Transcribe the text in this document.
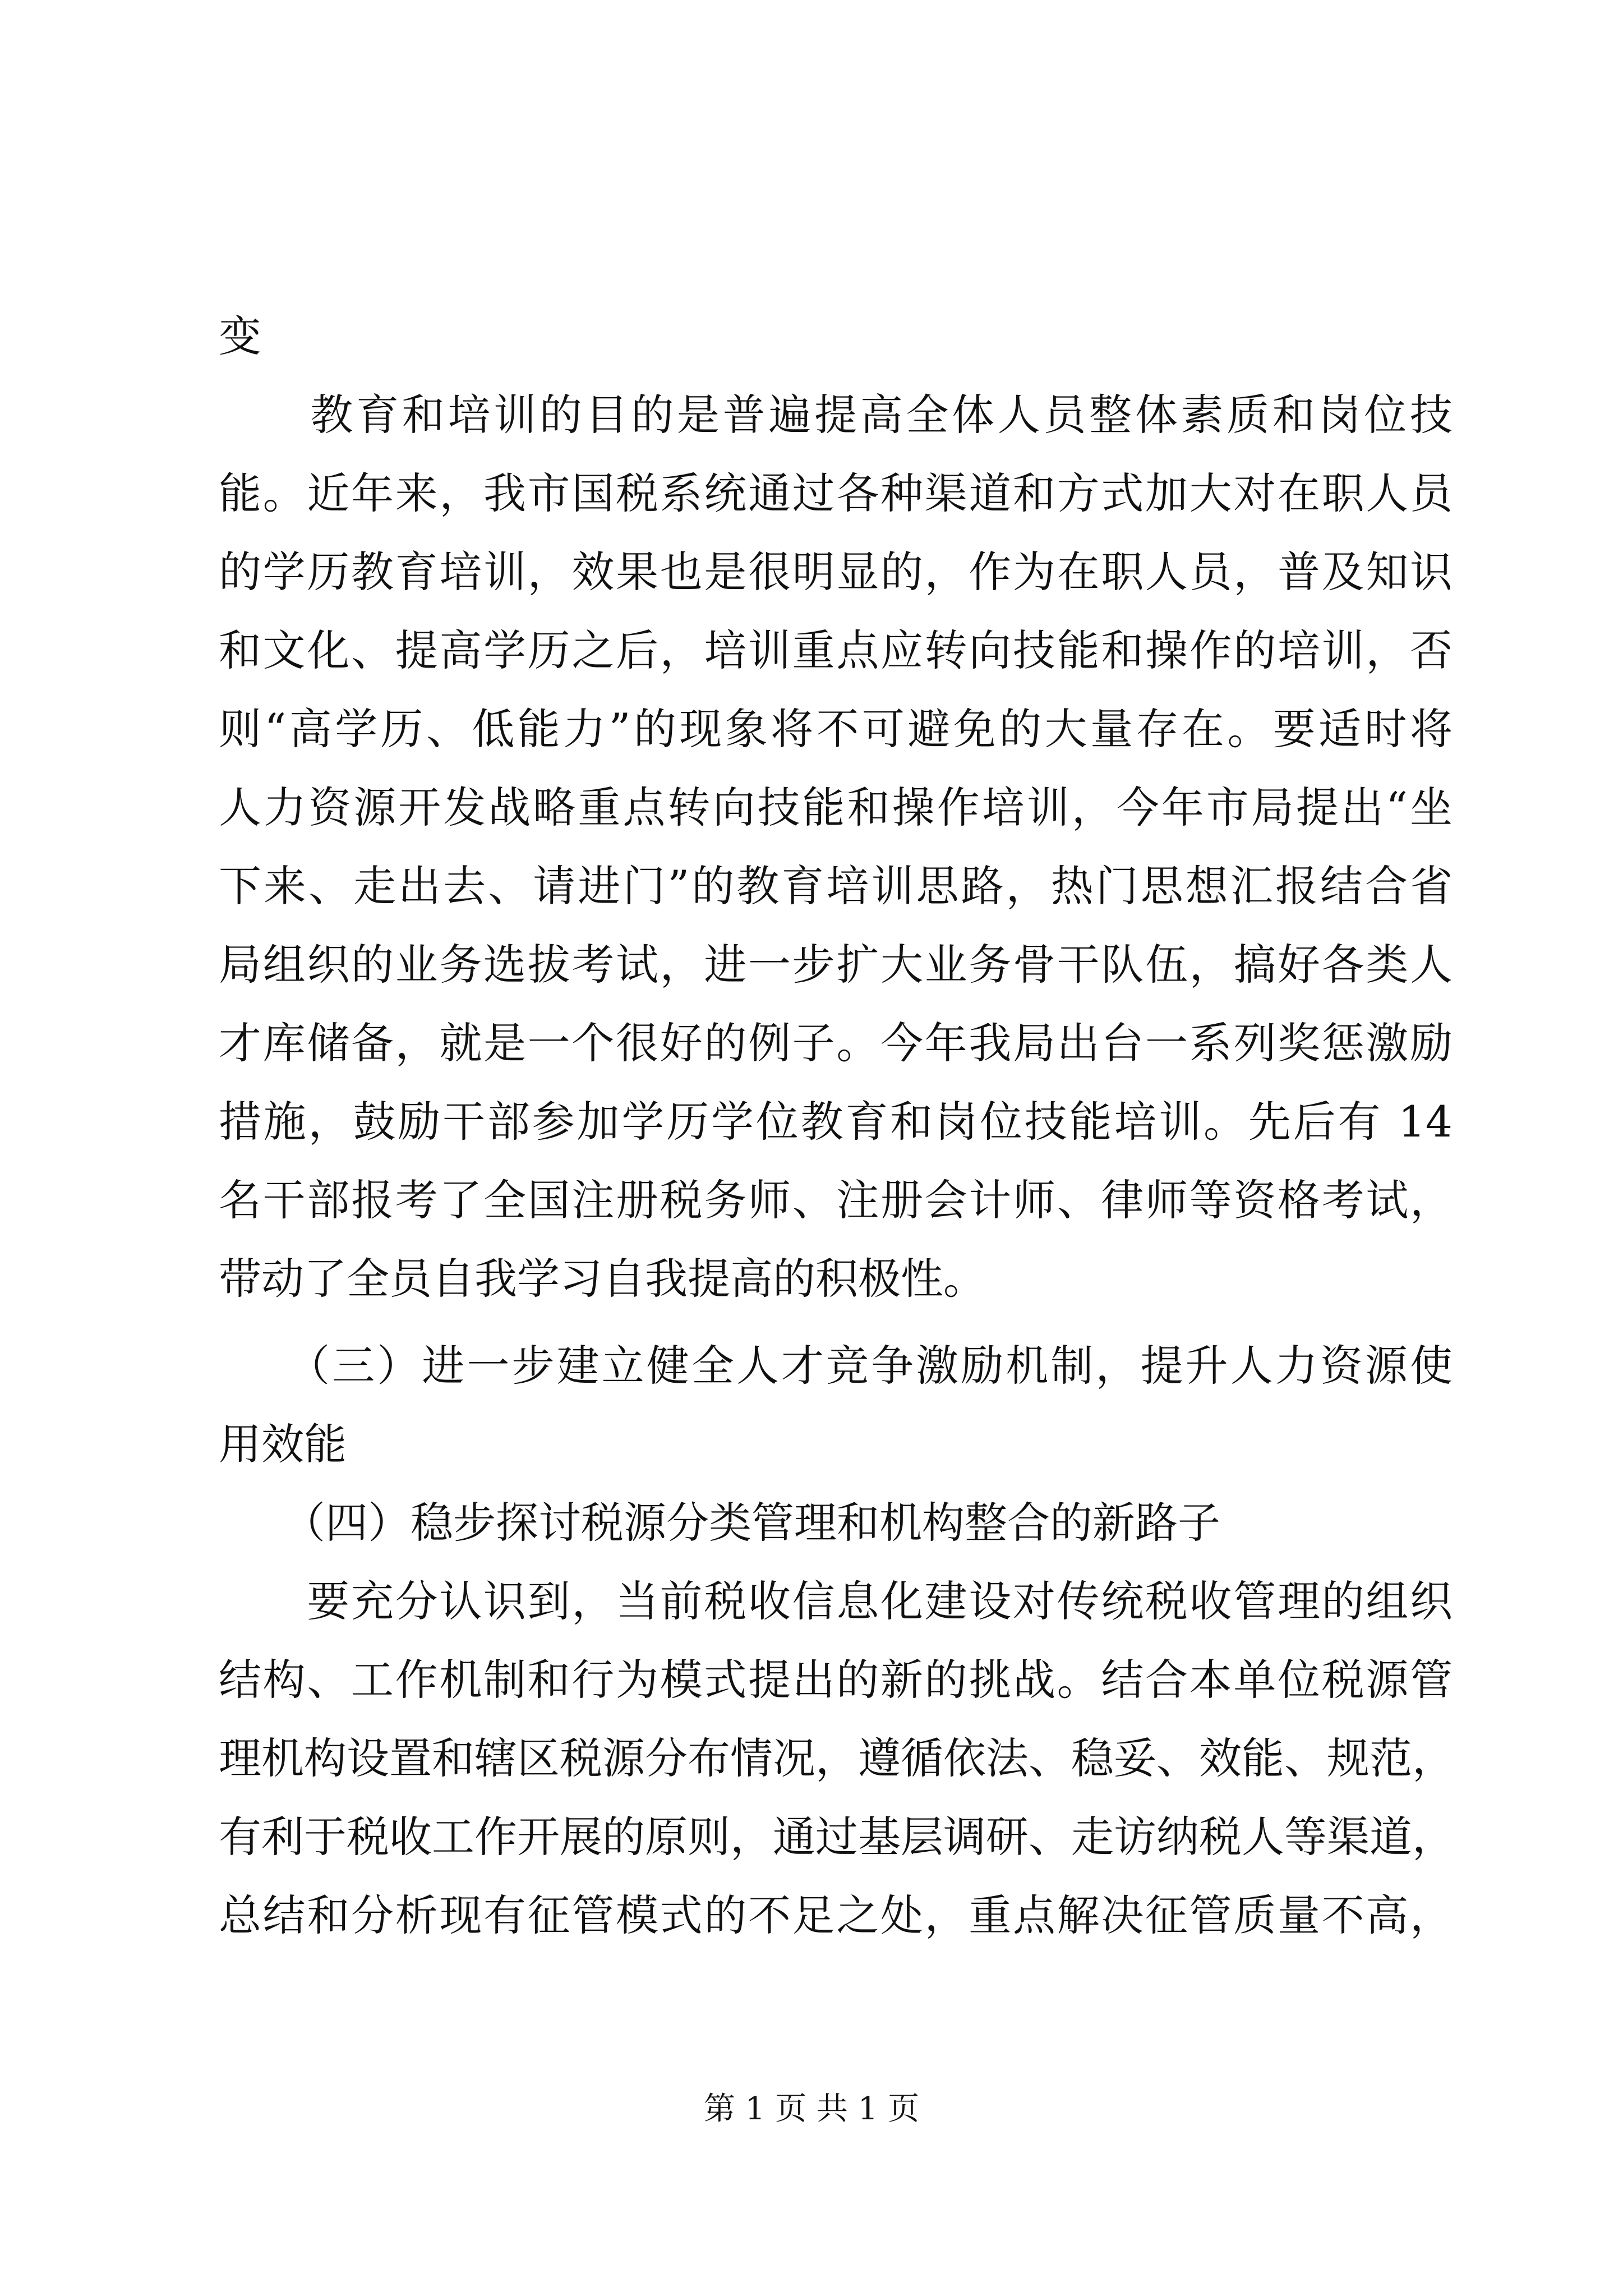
变
　　教育和培训的目的是普遍提高全体人员整体素质和岗位技
能。近年来，我市国税系统通过各种渠道和方式加大对在职人员
的学历教育培训，效果也是很明显的，作为在职人员，普及知识
和文化、提高学历之后，培训重点应转向技能和操作的培训，否
则“高学历、低能力”的现象将不可避免的大量存在。要适时将
人力资源开发战略重点转向技能和操作培训，今年市局提出“坐
下来、走出去、请进门”的教育培训思路，热门思想汇报结合省
局组织的业务选拔考试，进一步扩大业务骨干队伍，搞好各类人
才库储备，就是一个很好的例子。今年我局出台一系列奖惩激励
措施，鼓励干部参加学历学位教育和岗位技能培训。先后有 14
名干部报考了全国注册税务师、注册会计师、律师等资格考试，
带动了全员自我学习自我提高的积极性。
　　（三）进一步建立健全人才竞争激励机制，提升人力资源使
用效能
　　（四）稳步探讨税源分类管理和机构整合的新路子
　　要充分认识到，当前税收信息化建设对传统税收管理的组织
结构、工作机制和行为模式提出的新的挑战。结合本单位税源管
理机构设置和辖区税源分布情况，遵循依法、稳妥、效能、规范，
有利于税收工作开展的原则，通过基层调研、走访纳税人等渠道，
总结和分析现有征管模式的不足之处，重点解决征管质量不高，
第 1 页 共 1 页
